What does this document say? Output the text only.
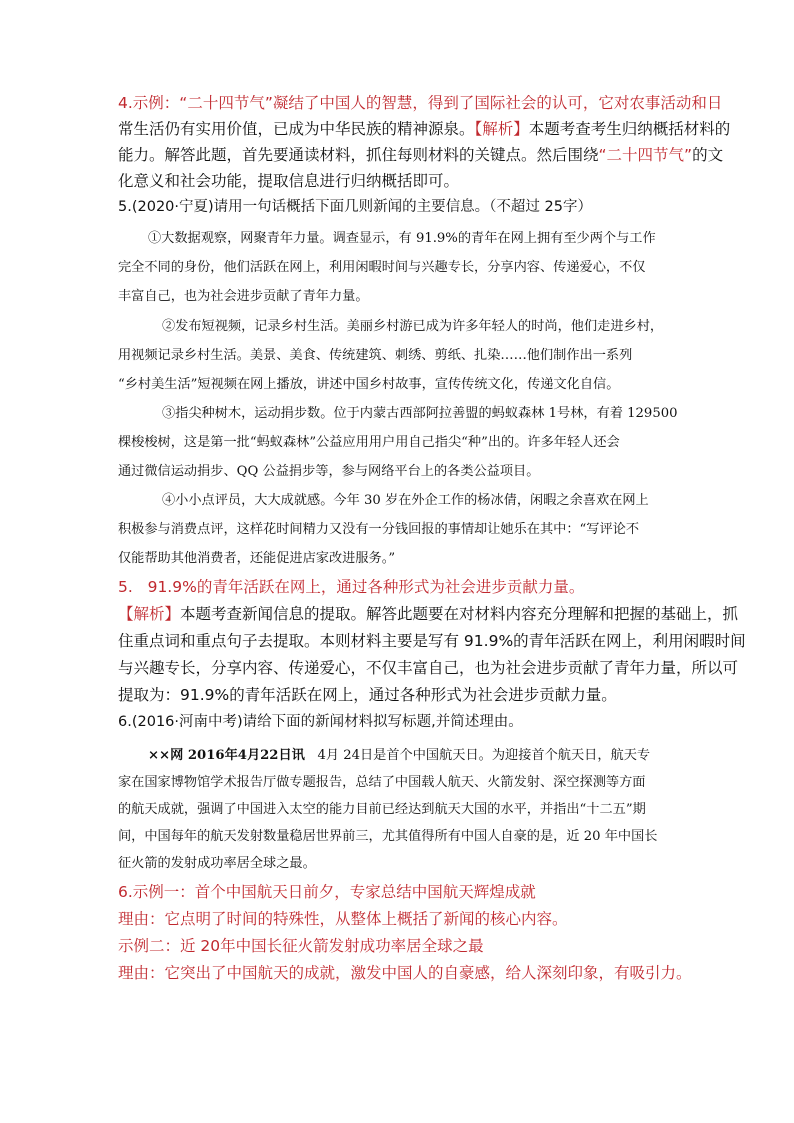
4.示例：“二十四节气”凝结了中国人的智慧，得到了国际社会的认可，它对农事活动和日
常生活仍有实用价值，已成为中华民族的精神源泉。【解析】本题考查考生归纳概括材料的
能力。解答此题，首先要通读材料，抓住每则材料的关键点。然后围绕“二十四节气”的文
化意义和社会功能，提取信息进行归纳概括即可。
5.(2020·宁夏)请用一句话概括下面几则新闻的主要信息。（不超过 25字）
①大数据观察，网聚青年力量。调查显示，有 91.9%的青年在网上拥有至少两个与工作
完全不同的身份，他们活跃在网上，利用闲暇时间与兴趣专长，分享内容、传递爱心，不仅
丰富自己，也为社会进步贡献了青年力量。
②发布短视频，记录乡村生活。美丽乡村游已成为许多年轻人的时尚，他们走进乡村，
用视频记录乡村生活。美景、美食、传统建筑、刺绣、剪纸、扎染……他们制作出一系列
“乡村美生活”短视频在网上播放，讲述中国乡村故事，宣传传统文化，传递文化自信。
③指尖种树木，运动捐步数。位于内蒙古西部阿拉善盟的蚂蚁森林 1号林，有着 129500
棵梭梭树，这是第一批“蚂蚁森林”公益应用用户用自己指尖“种”出的。许多年轻人还会
通过微信运动捐步、QQ 公益捐步等，参与网络平台上的各类公益项目。
④小小点评员，大大成就感。今年 30 岁在外企工作的杨冰倩，闲暇之余喜欢在网上
积极参与消费点评，这样花时间精力又没有一分钱回报的事情却让她乐在其中：“写评论不
仅能帮助其他消费者，还能促进店家改进服务。”
5. 91.9%的青年活跃在网上，通过各种形式为社会进步贡献力量。
【解析】本题考查新闻信息的提取。解答此题要在对材料内容充分理解和把握的基础上，抓
住重点词和重点句子去提取。本则材料主要是写有 91.9%的青年活跃在网上，利用闲暇时间
与兴趣专长，分享内容、传递爱心，不仅丰富自己，也为社会进步贡献了青年力量，所以可
提取为：91.9%的青年活跃在网上，通过各种形式为社会进步贡献力量。
6.(2016·河南中考)请给下面的新闻材料拟写标题,并简述理由。
××网 2016年4月22日讯 4月 24日是首个中国航天日。为迎接首个航天日，航天专
家在国家博物馆学术报告厅做专题报告，总结了中国载人航天、火箭发射、深空探测等方面
的航天成就，强调了中国进入太空的能力目前已经达到航天大国的水平，并指出“十二五”期
间，中国每年的航天发射数量稳居世界前三，尤其值得所有中国人自豪的是，近 20 年中国长
征火箭的发射成功率居全球之最。
6.示例一：首个中国航天日前夕，专家总结中国航天辉煌成就
理由：它点明了时间的特殊性，从整体上概括了新闻的核心内容。
示例二：近 20年中国长征火箭发射成功率居全球之最
理由：它突出了中国航天的成就，激发中国人的自豪感，给人深刻印象，有吸引力。
